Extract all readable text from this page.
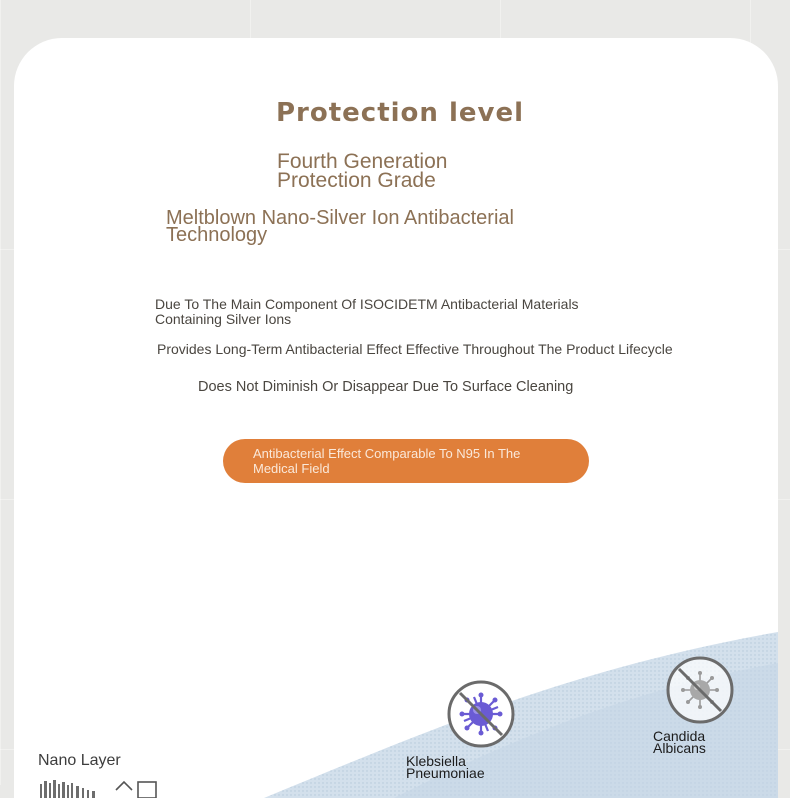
Protection level
Fourth Generation
Protection Grade
Meltblown Nano-Silver Ion Antibacterial
Technology
Due To The Main Component Of ISOCIDETM Antibacterial Materials
Containing Silver Ions

Provides Long-Term Antibacterial Effect Effective Throughout The Product Lifecycle

Does Not Diminish Or Disappear Due To Surface Cleaning

Antibacterial Effect Comparable To N95 In The
Medical Field
Klebsiella
Pneumoniae
Candida
Albicans

Nano Layer
